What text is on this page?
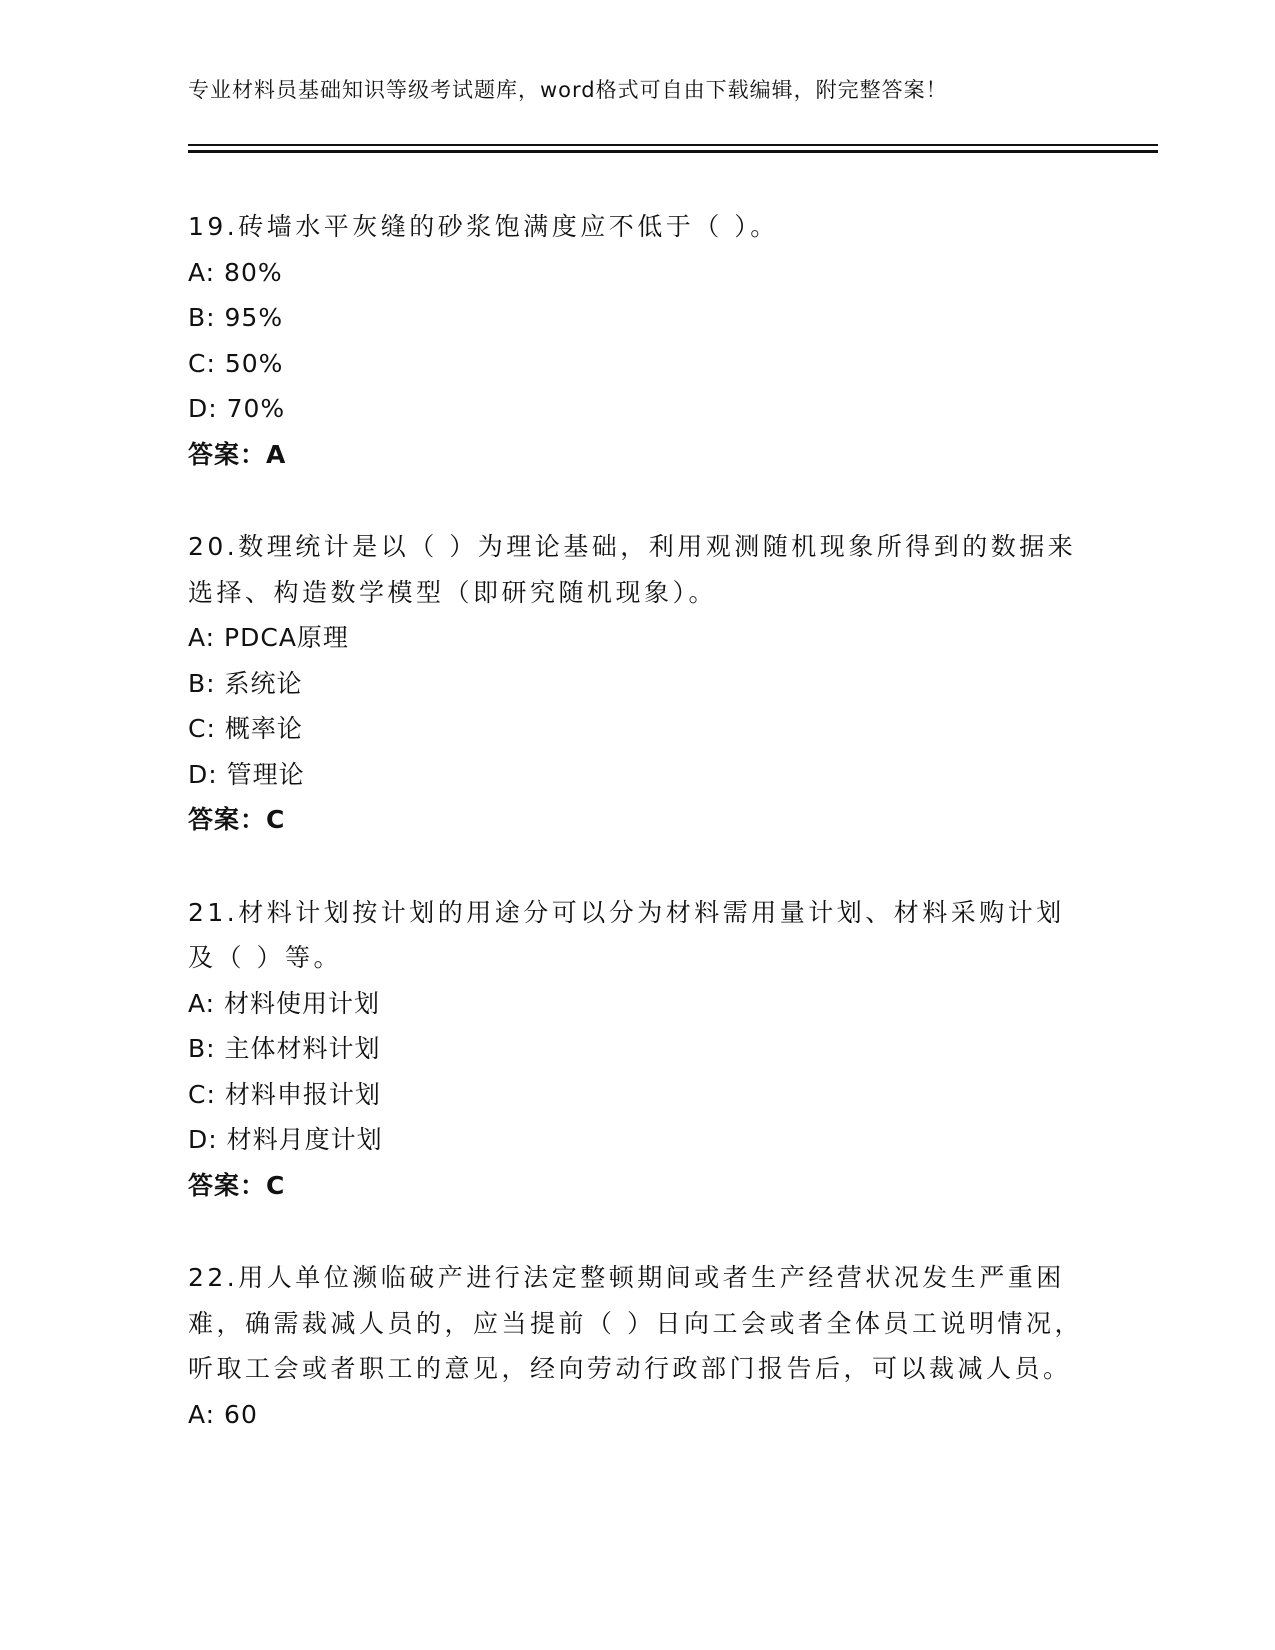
专业材料员基础知识等级考试题库，word格式可自由下载编辑，附完整答案！

19.砖墙水平灰缝的砂浆饱满度应不低于（ ）。

A: 80%

B: 95%

C: 50%

D: 70%

答案：A

20.数理统计是以（ ）为理论基础，利用观测随机现象所得到的数据来选择、构造数学模型（即研究随机现象）。

A: PDCA原理

B: 系统论

C: 概率论

D: 管理论

答案：C

21.材料计划按计划的用途分可以分为材料需用量计划、材料采购计划及（ ）等。

A: 材料使用计划

B: 主体材料计划

C: 材料申报计划

D: 材料月度计划

答案：C

22.用人单位濒临破产进行法定整顿期间或者生产经营状况发生严重困难，确需裁减人员的，应当提前（ ）日向工会或者全体员工说明情况，听取工会或者职工的意见，经向劳动行政部门报告后，可以裁减人员。

A: 60
